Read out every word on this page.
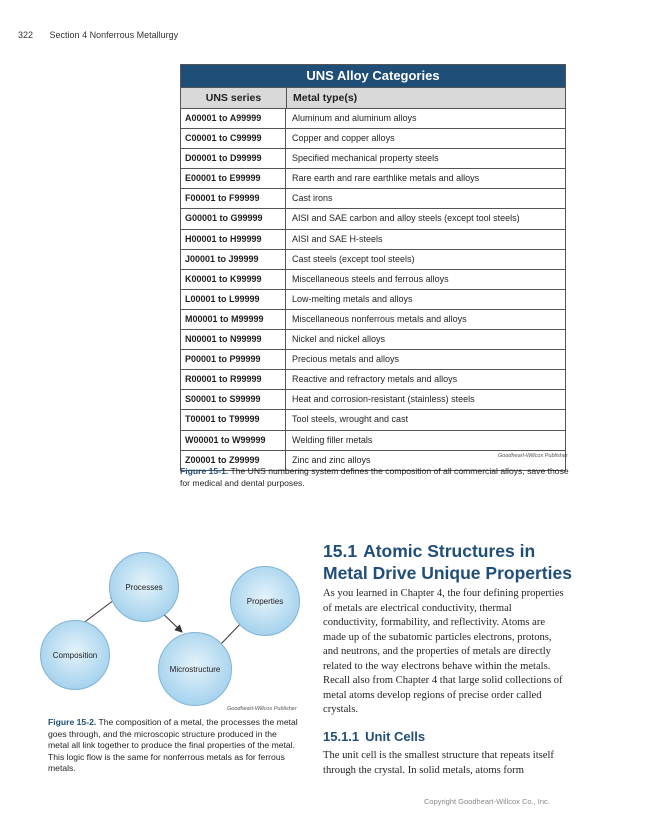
322 Section 4 Nonferrous Metallurgy
UNS Alloy Categories
UNS series	Metal type(s)
A00001 to A99999	Aluminum and aluminum alloys
C00001 to C99999	Copper and copper alloys
D00001 to D99999	Specified mechanical property steels
E00001 to E99999	Rare earth and rare earthlike metals and alloys
F00001 to F99999	Cast irons
G00001 to G99999	AISI and SAE carbon and alloy steels (except tool steels)
H00001 to H99999	AISI and SAE H-steels
J00001 to J99999	Cast steels (except tool steels)
K00001 to K99999	Miscellaneous steels and ferrous alloys
L00001 to L99999	Low-melting metals and alloys
M00001 to M99999	Miscellaneous nonferrous metals and alloys
N00001 to N99999	Nickel and nickel alloys
P00001 to P99999	Precious metals and alloys
R00001 to R99999	Reactive and refractory metals and alloys
S00001 to S99999	Heat and corrosion-resistant (stainless) steels
T00001 to T99999	Tool steels, wrought and cast
W00001 to W99999	Welding filler metals
Z00001 to Z99999	Zinc and zinc alloys	Goodheart-Willcox Publisher
Figure 15-1. The UNS numbering system defines the composition of all commercial alloys, save those for medical and dental purposes.
Processes
Properties
Composition
Microstructure
Goodheart-Willcox Publisher
Figure 15-2. The composition of a metal, the processes the metal goes through, and the microscopic structure produced in the metal all link together to produce the final properties of the metal. This logic flow is the same for nonferrous metals as for ferrous metals.
15.1 Atomic Structures in Metal Drive Unique Properties
As you learned in Chapter 4, the four defining properties of metals are electrical conductivity, thermal conductivity, formability, and reflectivity. Atoms are made up of the subatomic particles electrons, protons, and neutrons, and the properties of metals are directly related to the way electrons behave within the metals. Recall also from Chapter 4 that large solid collections of metal atoms develop regions of precise order called crystals.
15.1.1 Unit Cells
The unit cell is the smallest structure that repeats itself through the crystal. In solid metals, atoms form
Copyright Goodheart-Willcox Co., Inc.
